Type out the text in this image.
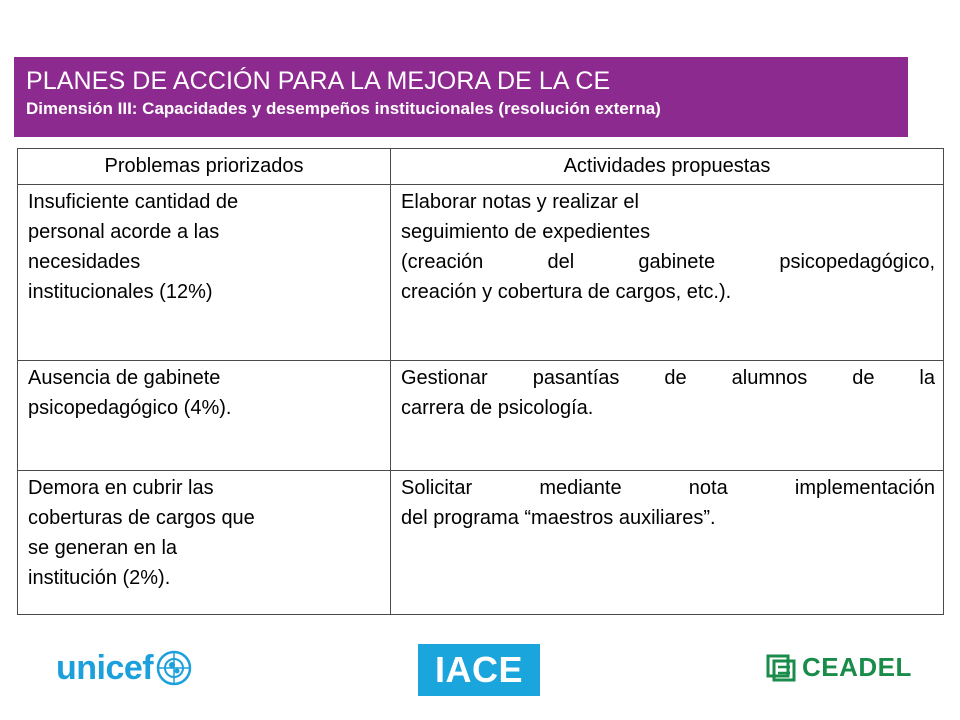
PLANES DE ACCIÓN PARA LA MEJORA DE LA CE
Dimensión III: Capacidades y desempeños institucionales (resolución externa)
Problemas priorizados	Actividades propuestas

Insuficiente cantidad de
personal acorde a las
necesidades
institucionales (12%)	Elaborar notas y realizar el
seguimiento de expedientes
(creación del gabinete psicopedagógico,
creación y cobertura de cargos, etc.).

Ausencia de gabinete
psicopedagógico (4%).	Gestionar pasantías de alumnos de la
carrera de psicología.

Demora en cubrir las
coberturas de cargos que
se generan en la
institución (2%).	Solicitar mediante nota implementación
del programa “maestros auxiliares”.
unicef	IACE	CEADEL
